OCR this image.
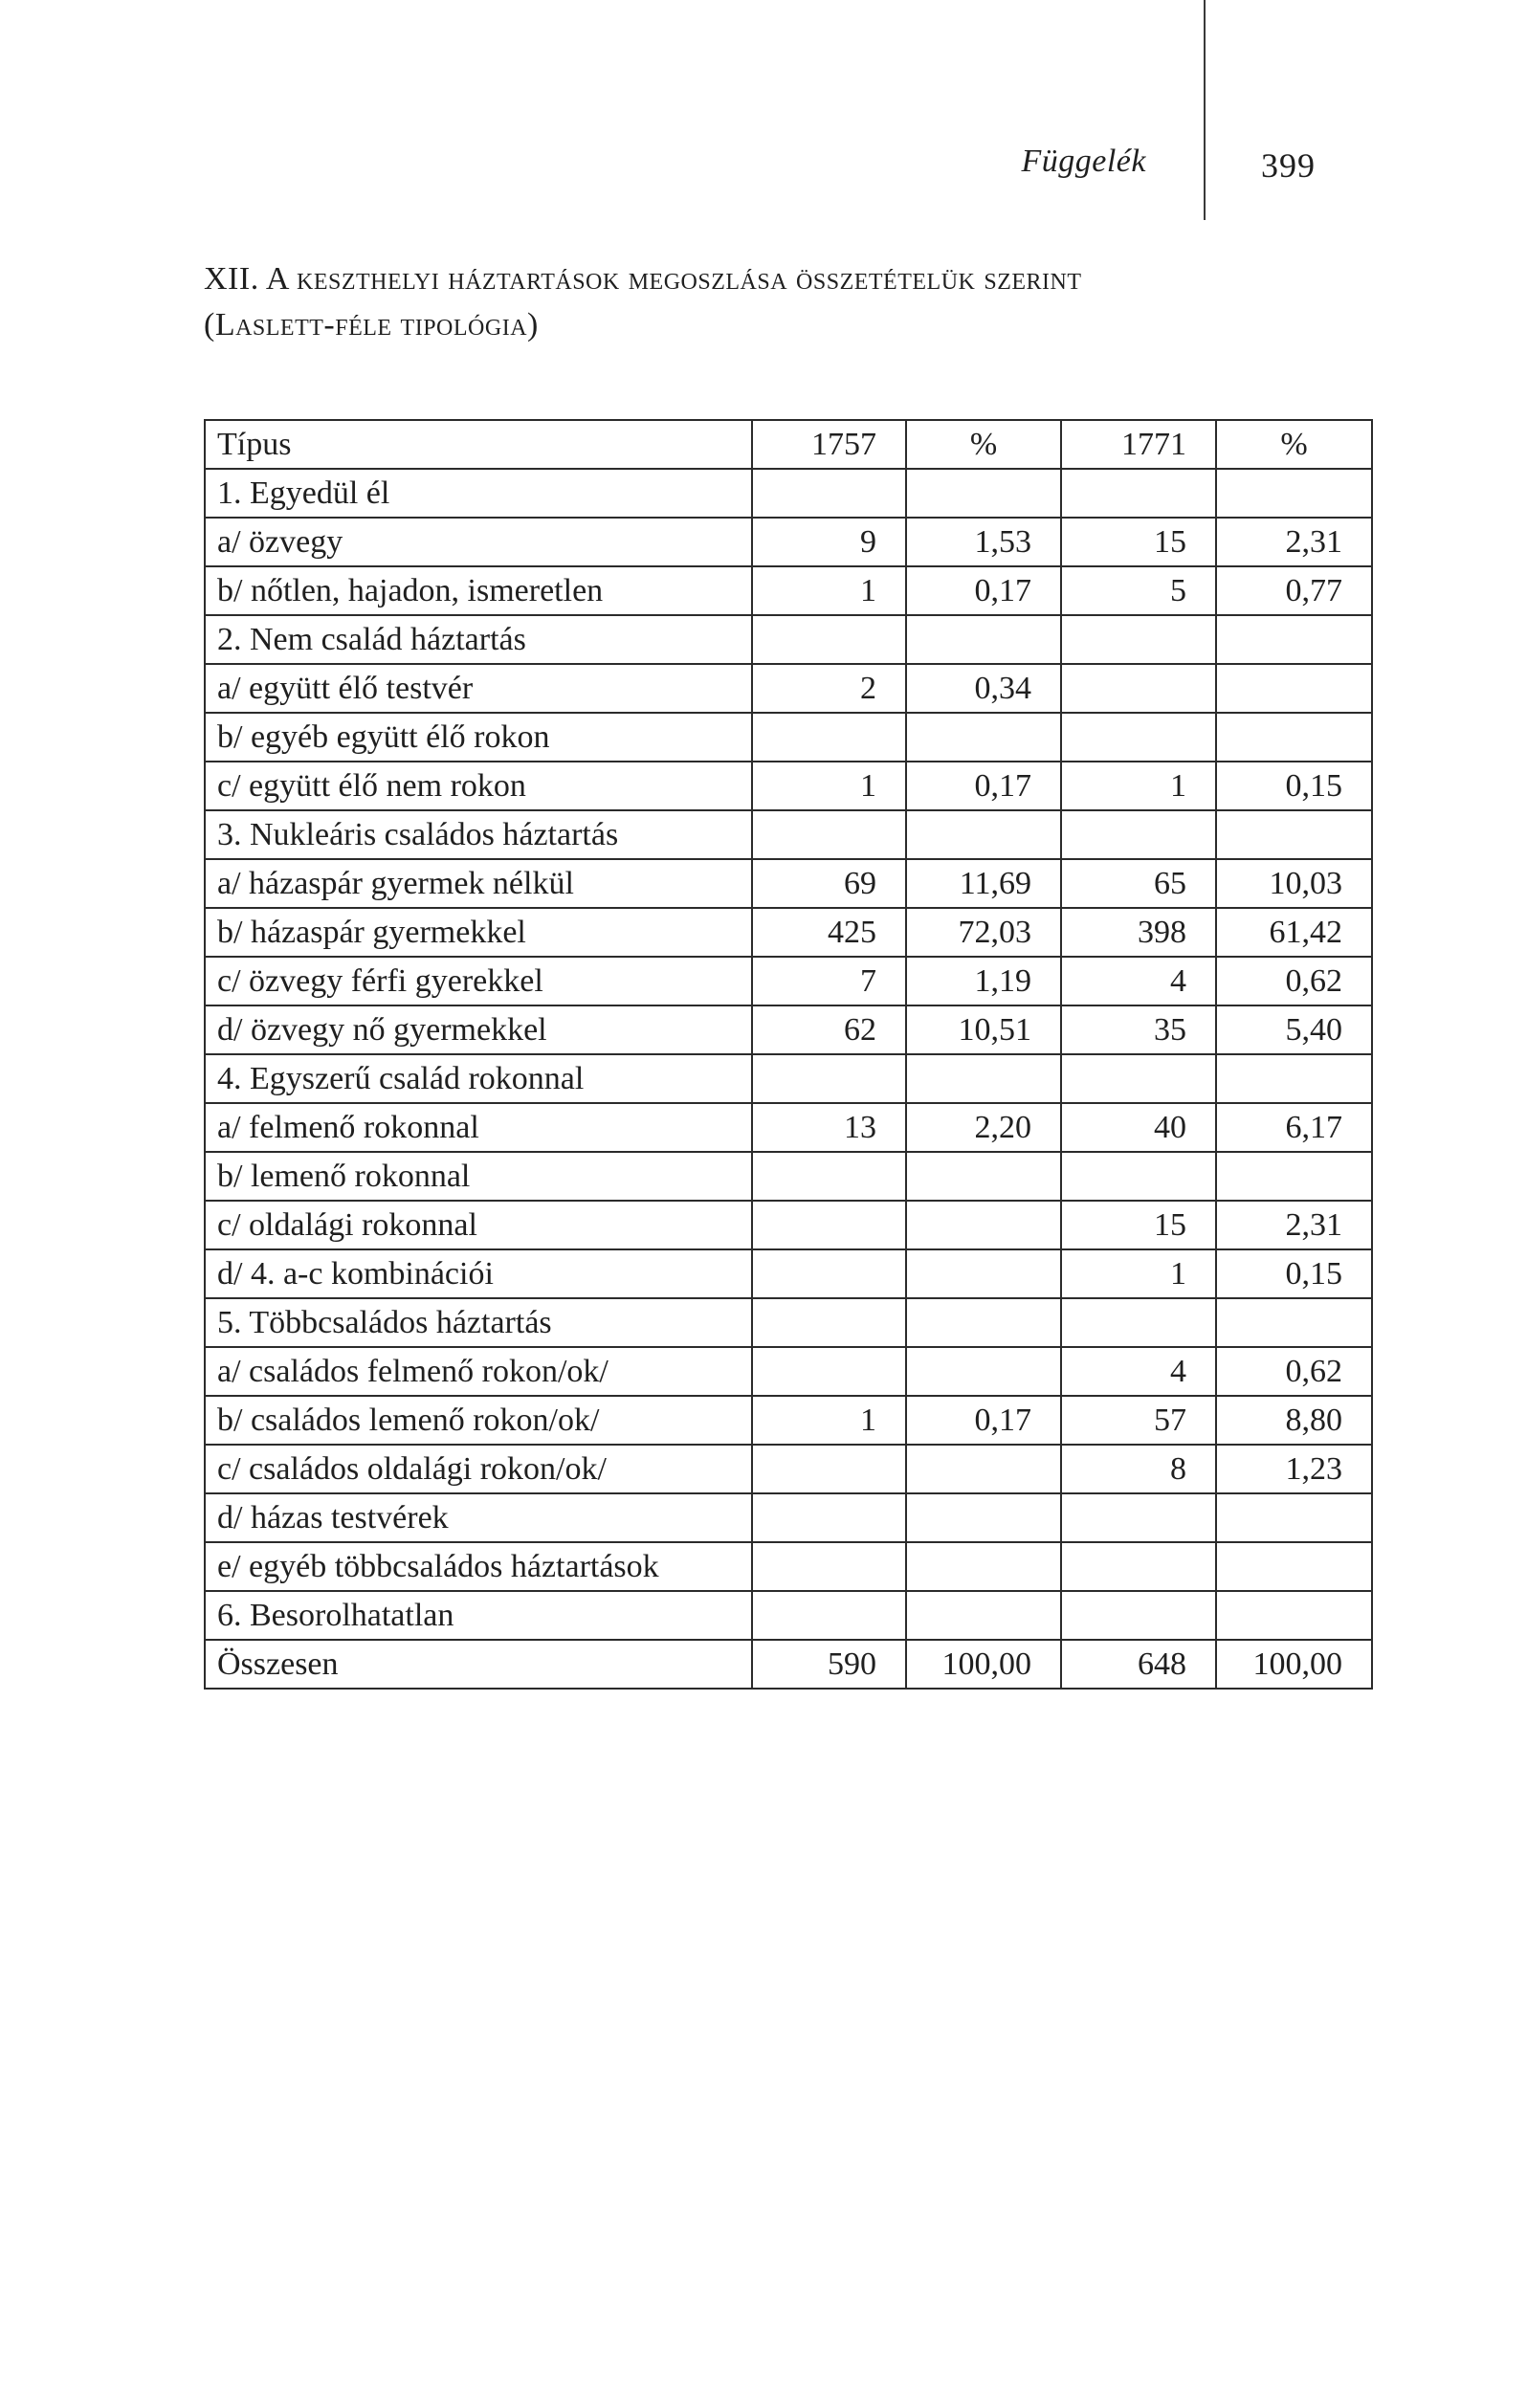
Függelék	399
XII. A keszthelyi háztartások megoszlása összetételük szerint
(Laslett-féle tipológia)
Típus	1757	%	1771	%
1. Egyedül él				
a/ özvegy	9	1,53	15	2,31
b/ nőtlen, hajadon, ismeretlen	1	0,17	5	0,77
2. Nem család háztartás				
a/ együtt élő testvér	2	0,34		
b/ egyéb együtt élő rokon				
c/ együtt élő nem rokon	1	0,17	1	0,15
3. Nukleáris családos háztartás				
a/ házaspár gyermek nélkül	69	11,69	65	10,03
b/ házaspár gyermekkel	425	72,03	398	61,42
c/ özvegy férfi gyerekkel	7	1,19	4	0,62
d/ özvegy nő gyermekkel	62	10,51	35	5,40
4. Egyszerű család rokonnal				
a/ felmenő rokonnal	13	2,20	40	6,17
b/ lemenő rokonnal				
c/ oldalági rokonnal			15	2,31
d/ 4. a-c kombinációi			1	0,15
5. Többcsaládos háztartás				
a/ családos felmenő rokon/ok/			4	0,62
b/ családos lemenő rokon/ok/	1	0,17	57	8,80
c/ családos oldalági rokon/ok/			8	1,23
d/ házas testvérek				
e/ egyéb többcsaládos háztartások				
6. Besorolhatatlan				
Összesen	590	100,00	648	100,00
